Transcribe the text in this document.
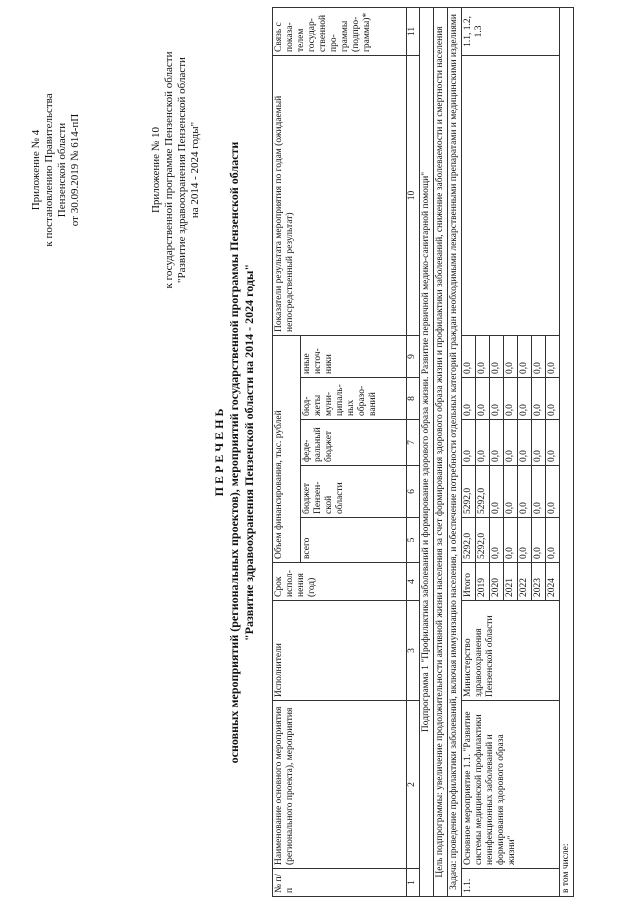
Приложение № 4 к постановлению Правительства Пензенской области от 30.09.2019 № 614-пП	Приложение № 10 к государственной программе Пензенской области "Развитие здравоохранения Пензенской области на 2014 - 2024 годы"
П Е Р Е Ч Е Н Ь основных мероприятий (региональных проектов), мероприятий государственной программы Пензенской области "Развитие здравоохранения Пензенской области на 2014 - 2024 годы"
№ п/п	Наименование основного мероприятия (регионального проекта), мероприятия	Исполнители	Срок испол-нения (год)	Объем финансирования, тыс. рублей					Показатели результата мероприятия по годам (ожидаемый непосредственный результат)	Связь с показа-телем государ-ственной про-граммы (подпро-граммы)*
				всего	бюджет Пензен-ской области	феде-ральный бюджет	бюд-жеты муни-ципаль-ных образо-ваний	иные источ-ники		
1	2	3	4	5	6	7	8	9	10	11
Подпрограмма 1 "Профилактика заболеваний и формирование здорового образа жизни. Развитие первичной медико-санитарной помощи"										
Цель подпрограммы: увеличение продолжительности активной жизни населения за счет формирования здорового образа жизни и профилактики заболеваний, снижение заболеваемости и смертности населения										
Задача: проведение профилактики заболеваний, включая иммунизацию населения, и обеспечение потребности отдельных категорий граждан необходимыми лекарственными препаратами и медицинскими изделиями										
1.1.	Основное мероприятие 1.1. "Развитие системы медицинской профилактики неинфекционных заболеваний и формирования здорового образа жизни"	Министерство здравоохранения Пензенской области	Итого	5292,0	5292,0	0,0	0,0	0,0		1.1, 1.2, 1.3
			2019	5292,0	5292,0	0,0	0,0	0,0		
			2020	0,0	0,0	0,0	0,0	0,0		
			2021	0,0	0,0	0,0	0,0	0,0		
			2022	0,0	0,0	0,0	0,0	0,0		
			2023	0,0	0,0	0,0	0,0	0,0		
			2024	0,0	0,0	0,0	0,0	0,0		
в том числе:										
